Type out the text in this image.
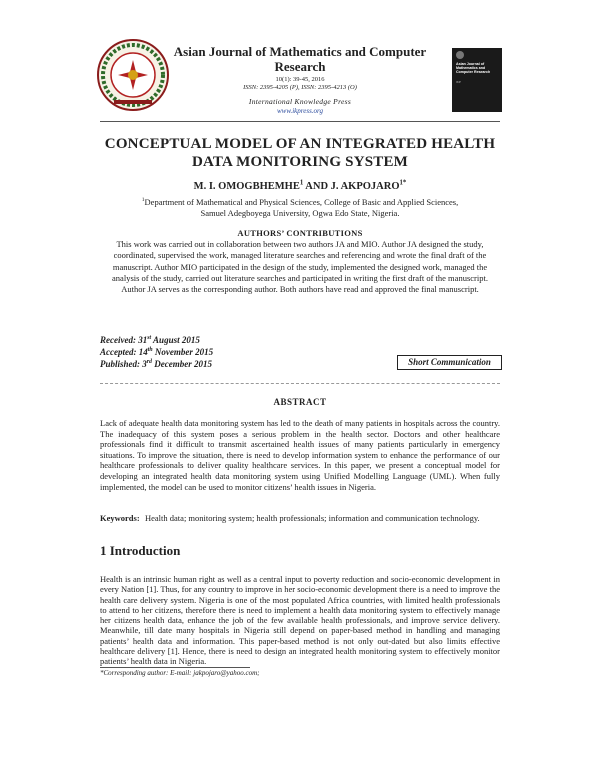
Asian Journal of Mathematics and Computer Research
10(1): 39-45, 2016
ISSN: 2395-4205 (P), ISSN: 2395-4213 (O)
International Knowledge Press
www.ikpress.org
Asian Journal of Mathematics and Computer Research
IKP
CONCEPTUAL MODEL OF AN INTEGRATED HEALTH
DATA MONITORING SYSTEM
M. I. OMOGBHEMHE$^1$ AND J. $AKPOJARO^{1*}$
$^1$Department of Mathematical and Physical Sciences, College of Basic and Applied Sciences,
Samuel Adegboyega University, Ogwa Edo State, Nigeria.
AUTHORS’ CONTRIBUTIONS
This work was carried out in collaboration between two authors JA and MIO. Author JA designed the study, coordinated, supervised the work, managed literature searches and referencing and wrote the final draft of the manuscript. Author MIO participated in the design of the study, implemented the designed work, managed the analysis of the study, carried out literature searches and participated in writing the first draft of the manuscript. Author JA serves as the corresponding author. Both authors have read and approved the final manuscript.
Received: 31st August 2015
Accepted: 14th November 2015
Published: 3rd December 2015	Short Communication
ABSTRACT
Lack of adequate health data monitoring system has led to the death of many patients in hospitals across the country. The inadequacy of this system poses a serious problem in the health sector. Doctors and other healthcare professionals find it difficult to transmit ascertained health issues of many patients particularly in emergency situations. To improve the situation, there is need to develop information system to enhance the performance of our healthcare professionals to deliver quality healthcare services. In this paper, we present a conceptual model for developing an integrated health data monitoring system using Unified Modelling Language (UML). When fully implemented, the model can be used to monitor citizens’ health issues in Nigeria.
Keywords: Health data; monitoring system; health professionals; information and communication technology.
1 Introduction
Health is an intrinsic human right as well as a central input to poverty reduction and socio-economic development in every Nation [1]. Thus, for any country to improve in her socio-economic development there is a need to improve the health care delivery system. Nigeria is one of the most populated Africa countries, with limited health professionals to attend to her citizens, therefore there is need to implement a health data monitoring system to effectively manage her citizens health data, enhance the job of the few available health professionals, and improve service delivery. Meanwhile, till date many hospitals in Nigeria still depend on paper-based method in handling and managing patients’ health data and information. This paper-based method is not only out-dated but also limits effective healthcare delivery [1]. Hence, there is need to design an integrated health monitoring system to effectively monitor patients’ health data in Nigeria.
*Corresponding author: E-mail: jakpojaro@yahoo.com;
